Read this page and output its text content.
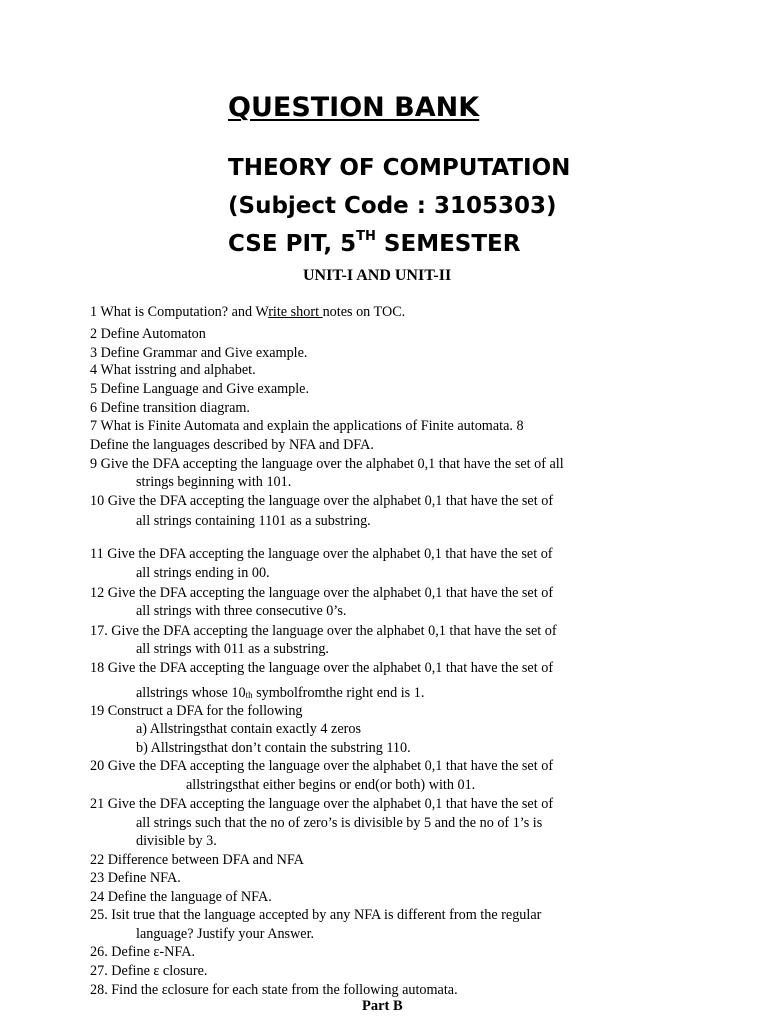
QUESTION BANK
THEORY OF COMPUTATION
(Subject Code : 3105303)
CSE PIT, 5TH SEMESTER
UNIT-I AND UNIT-II
1 What is Computation? and Write short notes on TOC.
2 Define Automaton
3 Define Grammar and Give example.
4 What isstring and alphabet.
5 Define Language and Give example.
6 Define transition diagram.
7 What is Finite Automata and explain the applications of Finite automata. 8
Define the languages described by NFA and DFA.
9 Give the DFA accepting the language over the alphabet 0,1 that have the set of all
strings beginning with 101.
10 Give the DFA accepting the language over the alphabet 0,1 that have the set of
all strings containing 1101 as a substring.
11 Give the DFA accepting the language over the alphabet 0,1 that have the set of
all strings ending in 00.
12 Give the DFA accepting the language over the alphabet 0,1 that have the set of
all strings with three consecutive 0’s.
17. Give the DFA accepting the language over the alphabet 0,1 that have the set of
all strings with 011 as a substring.
18 Give the DFA accepting the language over the alphabet 0,1 that have the set of
allstrings whose 10th symbolfromthe right end is 1.
19 Construct a DFA for the following
a) Allstringsthat contain exactly 4 zeros
b) Allstringsthat don’t contain the substring 110.
20 Give the DFA accepting the language over the alphabet 0,1 that have the set of
allstringsthat either begins or end(or both) with 01.
21 Give the DFA accepting the language over the alphabet 0,1 that have the set of
all strings such that the no of zero’s is divisible by 5 and the no of 1’s is
divisible by 3.
22 Difference between DFA and NFA
23 Define NFA.
24 Define the language of NFA.
25. Isit true that the language accepted by any NFA is different from the regular
language? Justify your Answer.
26. Define ε-NFA.
27. Define ε closure.
28. Find the εclosure for each state from the following automata.
Part B
